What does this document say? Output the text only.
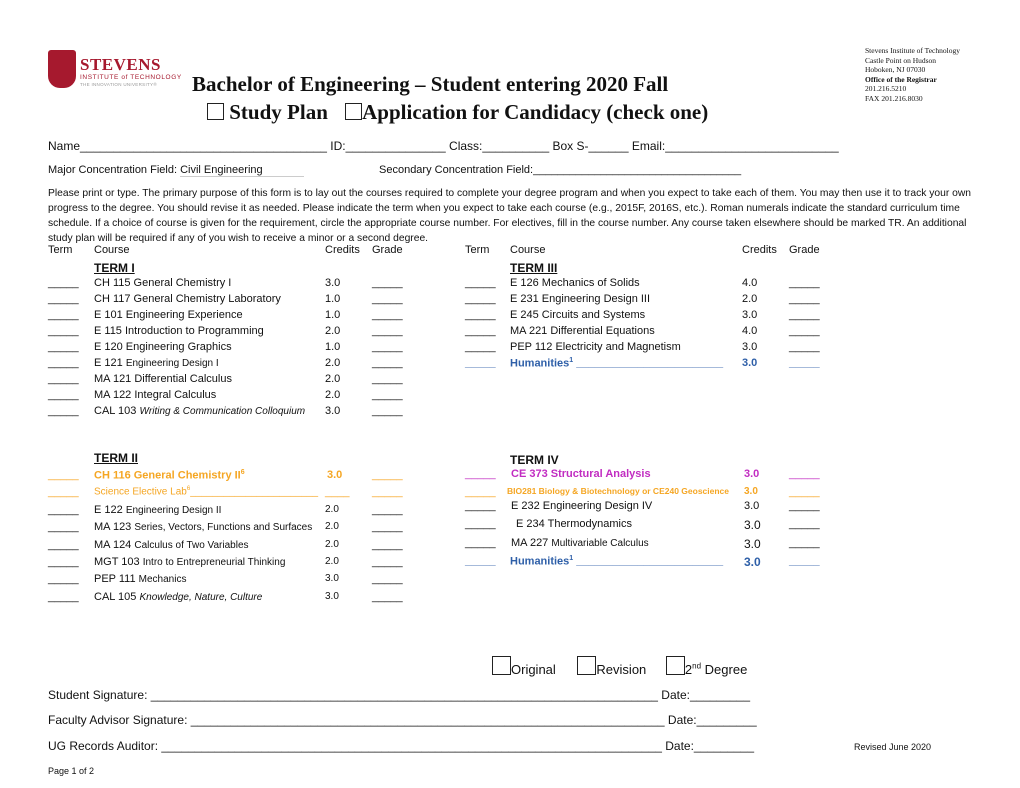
STEVENS
INSTITUTE of TECHNOLOGY
THE INNOVATION UNIVERSITY®	Bachelor of Engineering – Student entering 2020 Fall
Study Plan Application for Candidacy (check one)
Stevens Institute of Technology
Castle Point on Hudson
Hoboken, NJ 07030
Office of the Registrar
201.216.5210
FAX 201.216.8030
Name_____________________________________ ID:_______________ Class:__________ Box S-______ Email:__________________________
Major Concentration Field: Civil Engineering	Secondary Concentration Field:__________________________________
Please print or type. The primary purpose of this form is to lay out the courses required to complete your degree program and when you expect to take each of them. You may then use it to track your own progress to the degree. You should revise it as needed. Please indicate the term when you expect to take each course (e.g., 2015F, 2016S, etc.). Roman numerals indicate the standard curriculum time schedule. If a choice of course is given for the requirement, circle the appropriate course number. For electives, fill in the course number. Any course taken elsewhere should be marked TR. An additional study plan will be required if any of you wish to receive a minor or a second degree.
Term Course	Credits Grade	Term Course	Credits Grade
TERM I
_____ CH 115 General Chemistry I	3.0	_____
_____ CH 117 General Chemistry Laboratory	1.0	_____
_____ E 101 Engineering Experience	1.0	_____
_____ E 115 Introduction to Programming	2.0	_____
_____ E 120 Engineering Graphics	1.0	_____
_____ E 121 Engineering Design I	2.0	_____
_____ MA 121 Differential Calculus	2.0	_____
_____ MA 122 Integral Calculus	2.0	_____
_____ CAL 103 Writing & Communication Colloquium 3.0	_____
TERM III
_____ E 126 Mechanics of Solids	4.0	_____
_____ E 231 Engineering Design III	2.0	_____
_____ E 245 Circuits and Systems	3.0	_____
_____ MA 221 Differential Equations	4.0	_____
_____ PEP 112 Electricity and Magnetism	3.0	_____
_____ Humanities$^1$ ________________________ 3.0	_____
TERM II
_____ CH 116 General Chemistry $II^6$	3.0	_____
_____ Science Elective Lab$^6$_______________________ ____ _____
_____ E 122 Engineering Design II	2.0	_____
_____ MA 123 Series, Vectors, Functions and Surfaces 2.0	_____
_____ MA 124 Calculus of Two Variables	2.0	_____
_____ MGT 103 Intro to Entrepreneurial Thinking	2.0	_____
_____ PEP 111 Mechanics	3.0	_____
_____ CAL 105 Knowledge, Nature, Culture	3.0	_____
TERM IV
_____ CE 373 Structural Analysis	3.0	_____
_____ BIO281 Biology & Biotechnology or CE240 Geoscience 3.0	_____
_____ E 232 Engineering Design IV	3.0	_____
_____ E 234 Thermodynamics	3.0	_____
_____ MA 227 Multivariable Calculus	3.0	_____
_____ Humanities$^1$ ________________________ 3.0	_____
Original	Revision	2nd Degree
Student Signature: ____________________________________________________________________________ Date:_________
Faculty Advisor Signature: _______________________________________________________________________ Date:_________
UG Records Auditor: ___________________________________________________________________________ Date:_________	Revised June 2020
Page 1 of 2
